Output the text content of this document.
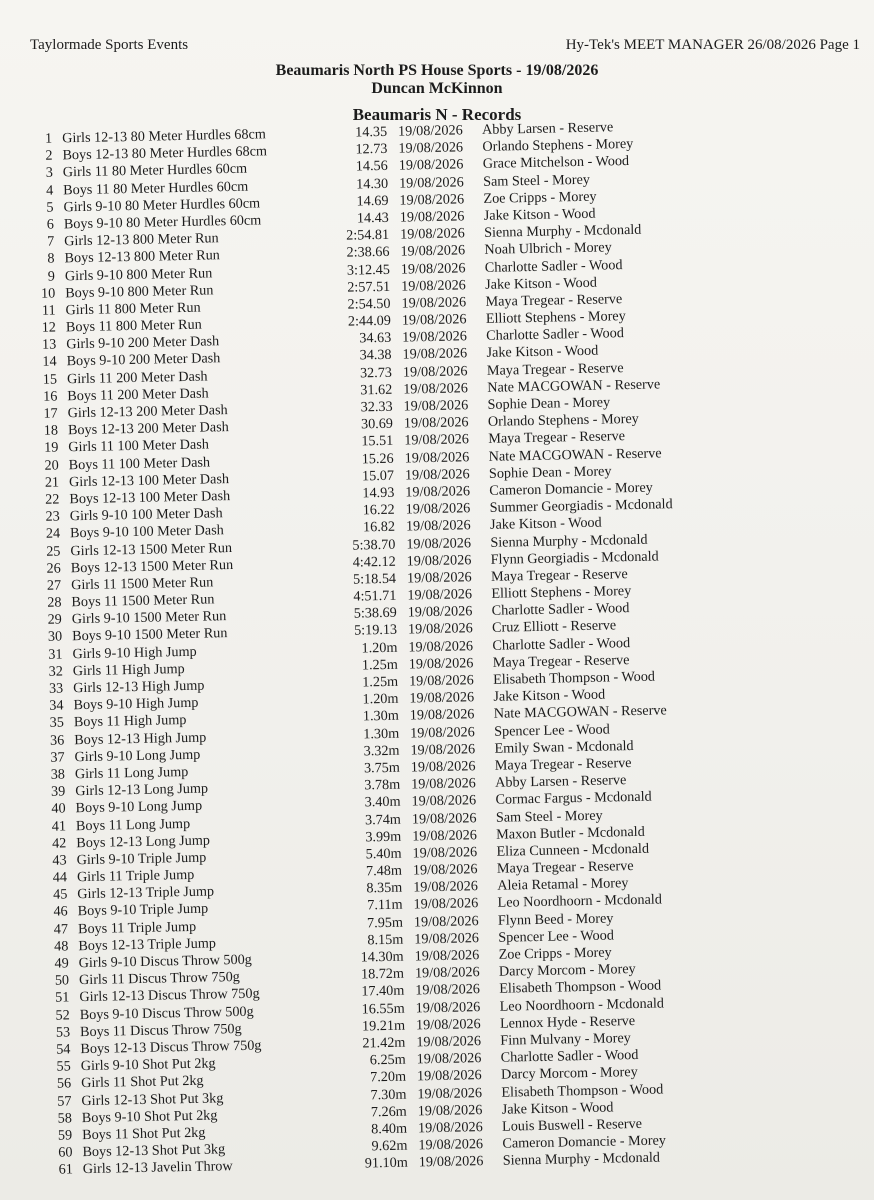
Taylormade Sports Events	Hy-Tek's MEET MANAGER 26/08/2026 Page 1
Beaumaris North PS House Sports - 19/08/2026
Duncan McKinnon
Beaumaris N - Records
1 Girls 12-13 80 Meter Hurdles 68cm	14.35 19/08/2026 Abby Larsen - Reserve
2 Boys 12-13 80 Meter Hurdles 68cm	12.73 19/08/2026 Orlando Stephens - Morey
3 Girls 11 80 Meter Hurdles 60cm	14.56 19/08/2026 Grace Mitchelson - Wood
4 Boys 11 80 Meter Hurdles 60cm	14.30 19/08/2026 Sam Steel - Morey
5 Girls 9-10 80 Meter Hurdles 60cm	14.69 19/08/2026 Zoe Cripps - Morey
6 Boys 9-10 80 Meter Hurdles 60cm	14.43 19/08/2026 Jake Kitson - Wood
7 Girls 12-13 800 Meter Run	2:54.81 19/08/2026 Sienna Murphy - Mcdonald
8 Boys 12-13 800 Meter Run	2:38.66 19/08/2026 Noah Ulbrich - Morey
9 Girls 9-10 800 Meter Run	3:12.45 19/08/2026 Charlotte Sadler - Wood
10 Boys 9-10 800 Meter Run	2:57.51 19/08/2026 Jake Kitson - Wood
11 Girls 11 800 Meter Run	2:54.50 19/08/2026 Maya Tregear - Reserve
12 Boys 11 800 Meter Run	2:44.09 19/08/2026 Elliott Stephens - Morey
13 Girls 9-10 200 Meter Dash	34.63 19/08/2026 Charlotte Sadler - Wood
14 Boys 9-10 200 Meter Dash	34.38 19/08/2026 Jake Kitson - Wood
15 Girls 11 200 Meter Dash	32.73 19/08/2026 Maya Tregear - Reserve
16 Boys 11 200 Meter Dash	31.62 19/08/2026 Nate MACGOWAN - Reserve
17 Girls 12-13 200 Meter Dash	32.33 19/08/2026 Sophie Dean - Morey
18 Boys 12-13 200 Meter Dash	30.69 19/08/2026 Orlando Stephens - Morey
19 Girls 11 100 Meter Dash	15.51 19/08/2026 Maya Tregear - Reserve
20 Boys 11 100 Meter Dash	15.26 19/08/2026 Nate MACGOWAN - Reserve
21 Girls 12-13 100 Meter Dash	15.07 19/08/2026 Sophie Dean - Morey
22 Boys 12-13 100 Meter Dash	14.93 19/08/2026 Cameron Domancie - Morey
23 Girls 9-10 100 Meter Dash	16.22 19/08/2026 Summer Georgiadis - Mcdonald
24 Boys 9-10 100 Meter Dash	16.82 19/08/2026 Jake Kitson - Wood
25 Girls 12-13 1500 Meter Run	5:38.70 19/08/2026 Sienna Murphy - Mcdonald
26 Boys 12-13 1500 Meter Run	4:42.12 19/08/2026 Flynn Georgiadis - Mcdonald
27 Girls 11 1500 Meter Run	5:18.54 19/08/2026 Maya Tregear - Reserve
28 Boys 11 1500 Meter Run	4:51.71 19/08/2026 Elliott Stephens - Morey
29 Girls 9-10 1500 Meter Run	5:38.69 19/08/2026 Charlotte Sadler - Wood
30 Boys 9-10 1500 Meter Run	5:19.13 19/08/2026 Cruz Elliott - Reserve
31 Girls 9-10 High Jump	1.20m 19/08/2026 Charlotte Sadler - Wood
32 Girls 11 High Jump	1.25m 19/08/2026 Maya Tregear - Reserve
33 Girls 12-13 High Jump	1.25m 19/08/2026 Elisabeth Thompson - Wood
34 Boys 9-10 High Jump	1.20m 19/08/2026 Jake Kitson - Wood
35 Boys 11 High Jump	1.30m 19/08/2026 Nate MACGOWAN - Reserve
36 Boys 12-13 High Jump	1.30m 19/08/2026 Spencer Lee - Wood
37 Girls 9-10 Long Jump	3.32m 19/08/2026 Emily Swan - Mcdonald
38 Girls 11 Long Jump	3.75m 19/08/2026 Maya Tregear - Reserve
39 Girls 12-13 Long Jump	3.78m 19/08/2026 Abby Larsen - Reserve
40 Boys 9-10 Long Jump	3.40m 19/08/2026 Cormac Fargus - Mcdonald
41 Boys 11 Long Jump	3.74m 19/08/2026 Sam Steel - Morey
42 Boys 12-13 Long Jump	3.99m 19/08/2026 Maxon Butler - Mcdonald
43 Girls 9-10 Triple Jump	5.40m 19/08/2026 Eliza Cunneen - Mcdonald
44 Girls 11 Triple Jump	7.48m 19/08/2026 Maya Tregear - Reserve
45 Girls 12-13 Triple Jump	8.35m 19/08/2026 Aleia Retamal - Morey
46 Boys 9-10 Triple Jump	7.11m 19/08/2026 Leo Noordhoorn - Mcdonald
47 Boys 11 Triple Jump	7.95m 19/08/2026 Flynn Beed - Morey
48 Boys 12-13 Triple Jump	8.15m 19/08/2026 Spencer Lee - Wood
49 Girls 9-10 Discus Throw 500g	14.30m 19/08/2026 Zoe Cripps - Morey
50 Girls 11 Discus Throw 750g	18.72m 19/08/2026 Darcy Morcom - Morey
51 Girls 12-13 Discus Throw 750g	17.40m 19/08/2026 Elisabeth Thompson - Wood
52 Boys 9-10 Discus Throw 500g	16.55m 19/08/2026 Leo Noordhoorn - Mcdonald
53 Boys 11 Discus Throw 750g	19.21m 19/08/2026 Lennox Hyde - Reserve
54 Boys 12-13 Discus Throw 750g	21.42m 19/08/2026 Finn Mulvany - Morey
55 Girls 9-10 Shot Put 2kg	6.25m 19/08/2026 Charlotte Sadler - Wood
56 Girls 11 Shot Put 2kg	7.20m 19/08/2026 Darcy Morcom - Morey
57 Girls 12-13 Shot Put 3kg	7.30m 19/08/2026 Elisabeth Thompson - Wood
58 Boys 9-10 Shot Put 2kg	7.26m 19/08/2026 Jake Kitson - Wood
59 Boys 11 Shot Put 2kg	8.40m 19/08/2026 Louis Buswell - Reserve
60 Boys 12-13 Shot Put 3kg	9.62m 19/08/2026 Cameron Domancie - Morey
61 Girls 12-13 Javelin Throw	91.10m 19/08/2026 Sienna Murphy - Mcdonald
